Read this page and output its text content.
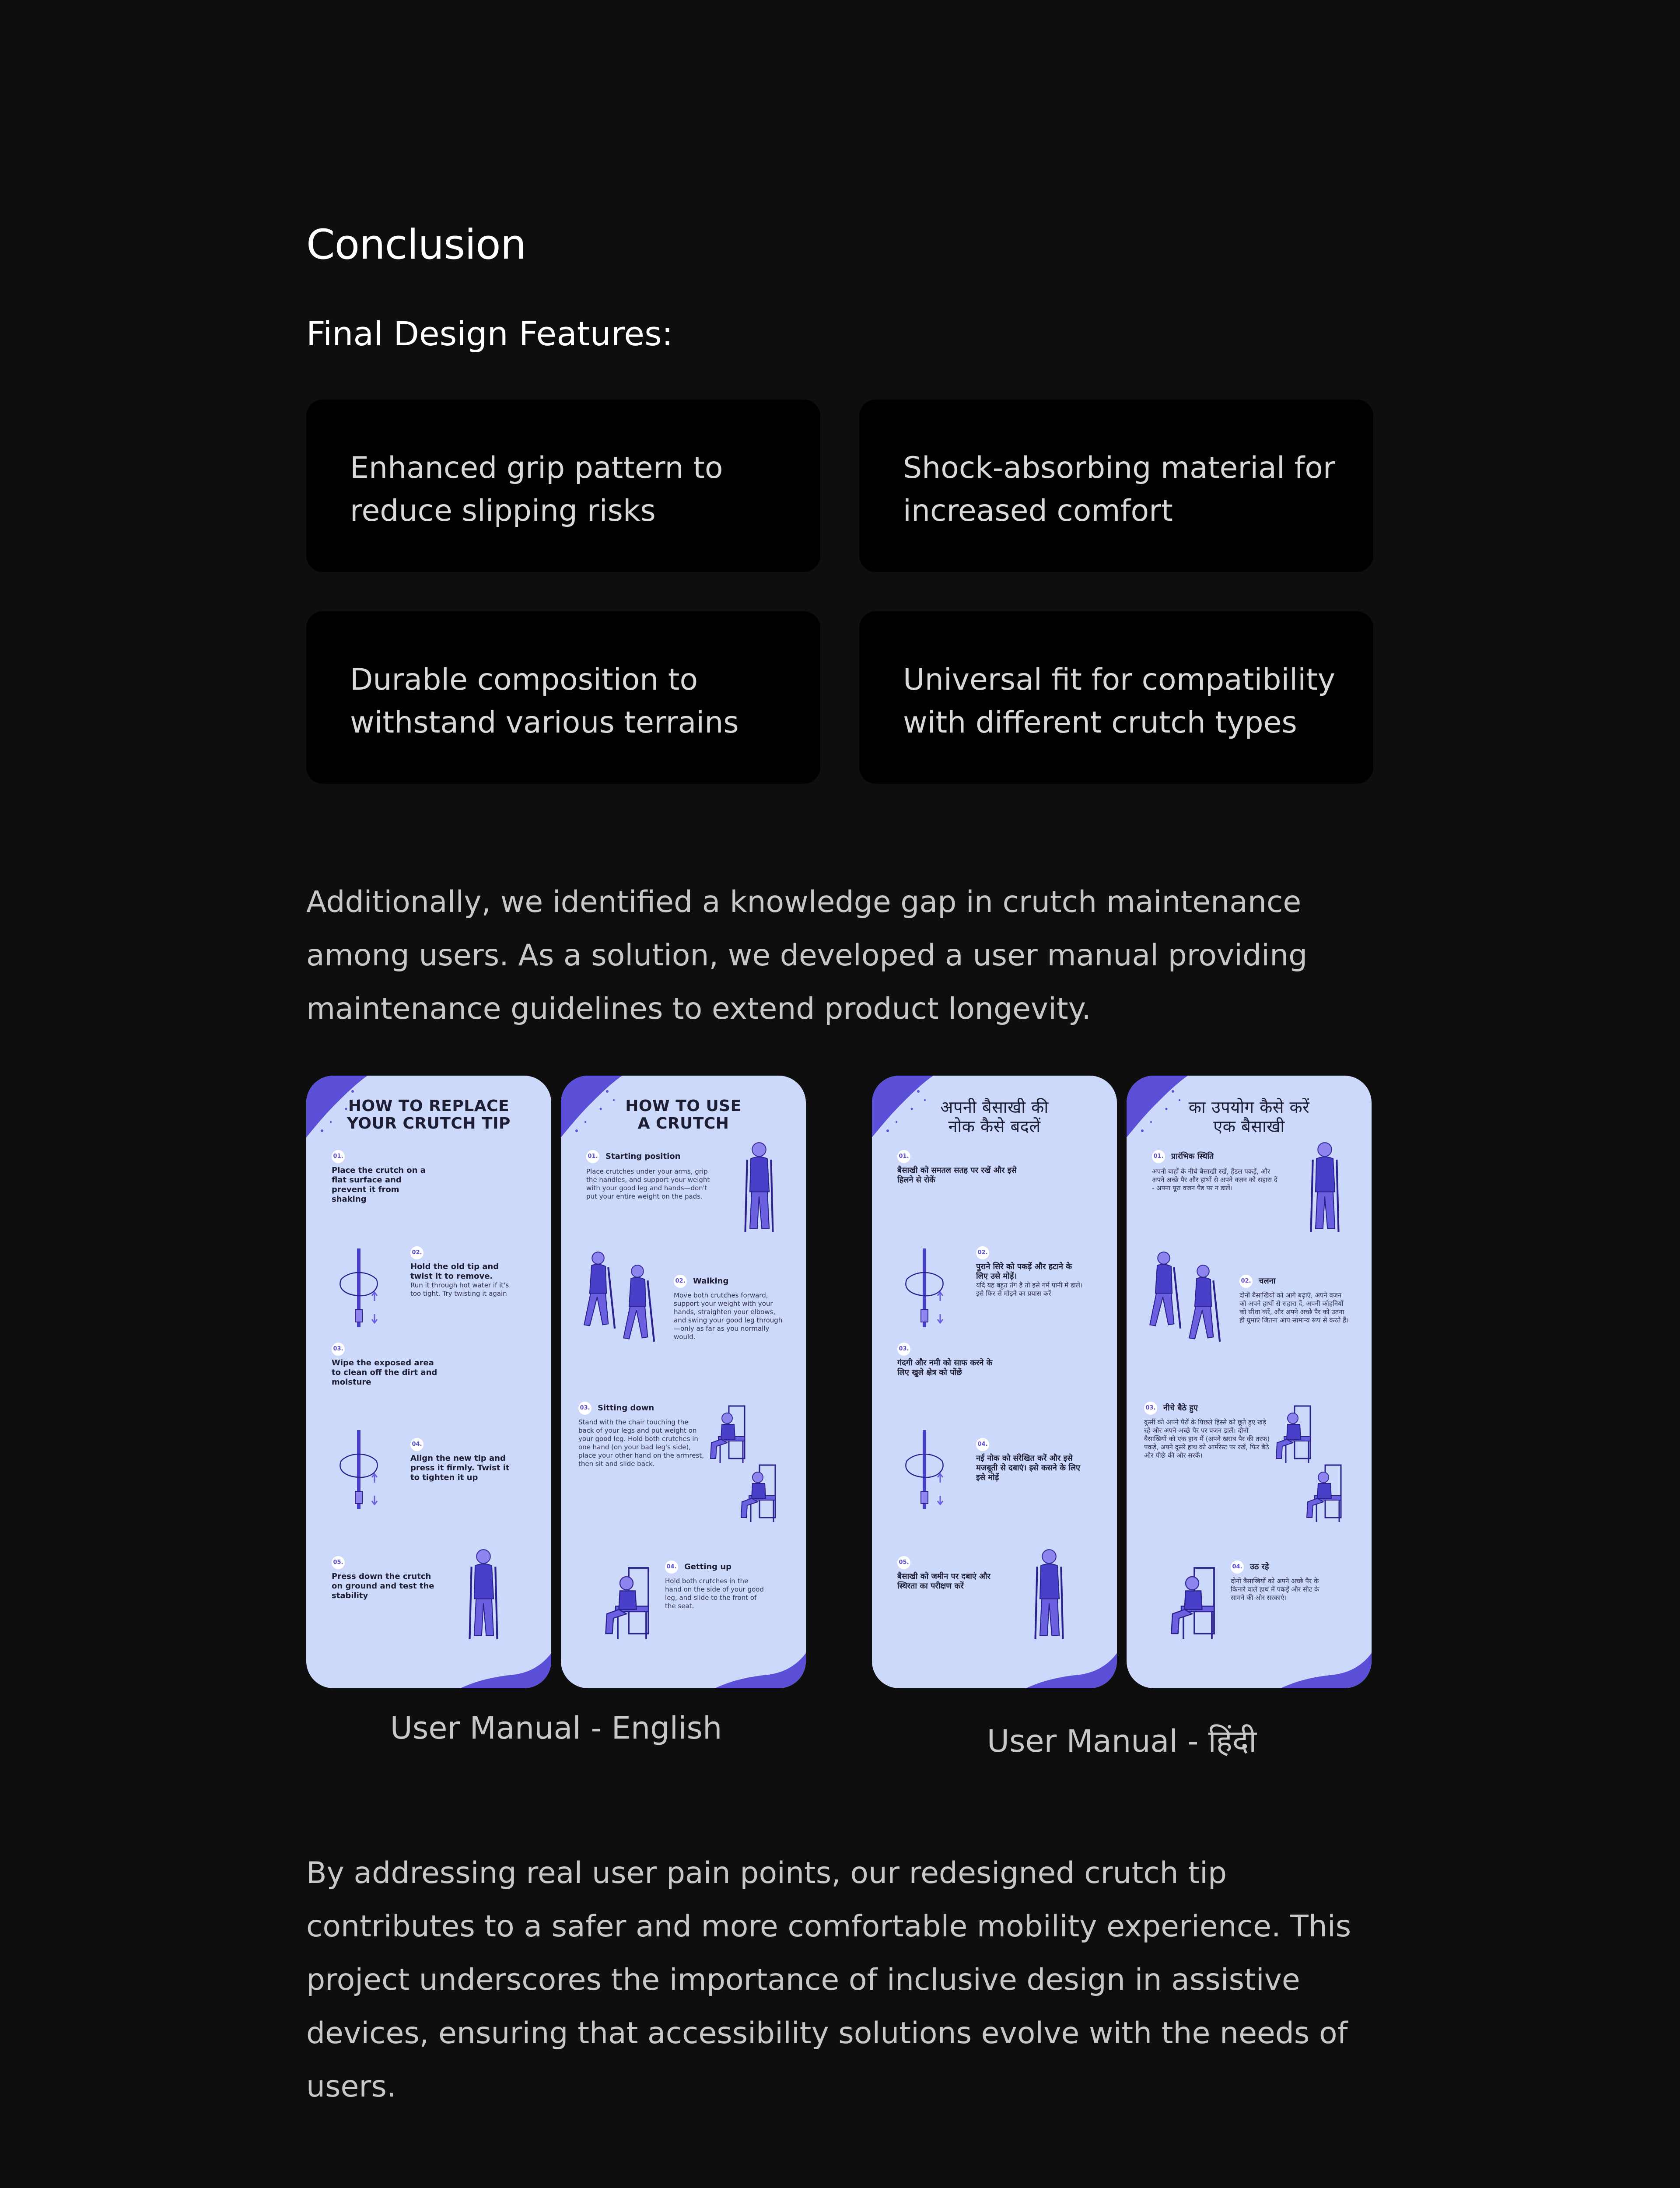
Conclusion
Final Design Features:
Enhanced grip pattern to reduce slipping risks
Shock-absorbing material for increased comfort
Durable composition to withstand various terrains
Universal fit for compatibility with different crutch types
Additionally, we identified a knowledge gap in crutch maintenance among users. As a solution, we developed a user manual providing maintenance guidelines to extend product longevity.
HOW TO REPLACE YOUR CRUTCH TIP
01.
Place the crutch on a flat surface and prevent it from shaking
02.
Hold the old tip and twist it to remove.
Run it through hot water if it's too tight. Try twisting it again
03.
Wipe the exposed area to clean off the dirt and moisture
04.
Align the new tip and press it firmly. Twist it to tighten it up
05.
Press down the crutch on ground and test the stability
HOW TO USE A CRUTCH
01. Starting position
Place crutches under your arms, grip the handles, and support your weight with your good leg and hands—don't put your entire weight on the pads.
02. Walking
Move both crutches forward, support your weight with your hands, straighten your elbows, and swing your good leg through—only as far as you normally would.
03. Sitting down
Stand with the chair touching the back of your legs and put weight on your good leg. Hold both crutches in one hand (on your bad leg's side), place your other hand on the armrest, then sit and slide back.
04. Getting up
Hold both crutches in the hand on the side of your good leg, and slide to the front of the seat.
अपनी बैसाखी की नोक कैसे बदलें
01.
बैसाखी को समतल सतह पर रखें और इसे हिलने से रोकें
02.
पुराने सिरे को पकड़ें और हटाने के लिए उसे मोड़ें।
यदि यह बहुत तंग है तो इसे गर्म पानी में डालें। इसे फिर से मोड़ने का प्रयास करें
03.
गंदगी और नमी को साफ करने के लिए खुले क्षेत्र को पोंछें
04.
नई नोक को संरेखित करें और इसे मजबूती से दबाएं। इसे कसने के लिए इसे मोड़ें
05.
बैसाखी को जमीन पर दबाएं और स्थिरता का परीक्षण करें
का उपयोग कैसे करें एक बैसाखी
01. प्रारंभिक स्थिति
अपनी बाहों के नीचे बैसाखी रखें, हैंडल पकड़ें, और अपने अच्छे पैर और हाथों से अपने वजन को सहारा दें - अपना पूरा वजन पैड पर न डालें।
02. चलना
दोनों बैसाखियों को आगे बढ़ाएं, अपने वजन को अपने हाथों से सहारा दें, अपनी कोहनियों को सीधा करें, और अपने अच्छे पैर को उतना ही घुमाएं जितना आप सामान्य रूप से करते हैं।
03. नीचे बैठे हुए
कुर्सी को अपने पैरों के पिछले हिस्से को छूते हुए खड़े रहें और अपने अच्छे पैर पर वजन डालें। दोनों बैसाखियों को एक हाथ में (अपने खराब पैर की तरफ) पकड़ें, अपने दूसरे हाथ को आर्मरेस्ट पर रखें, फिर बैठें और पीछे की ओर सरकें।
04. उठ रहे
दोनों बैसाखियों को अपने अच्छे पैर के किनारे वाले हाथ में पकड़ें और सीट के सामने की ओर सरकाएं।
User Manual - English	User Manual - हिंदी
By addressing real user pain points, our redesigned crutch tip contributes to a safer and more comfortable mobility experience. This project underscores the importance of inclusive design in assistive devices, ensuring that accessibility solutions evolve with the needs of users.
